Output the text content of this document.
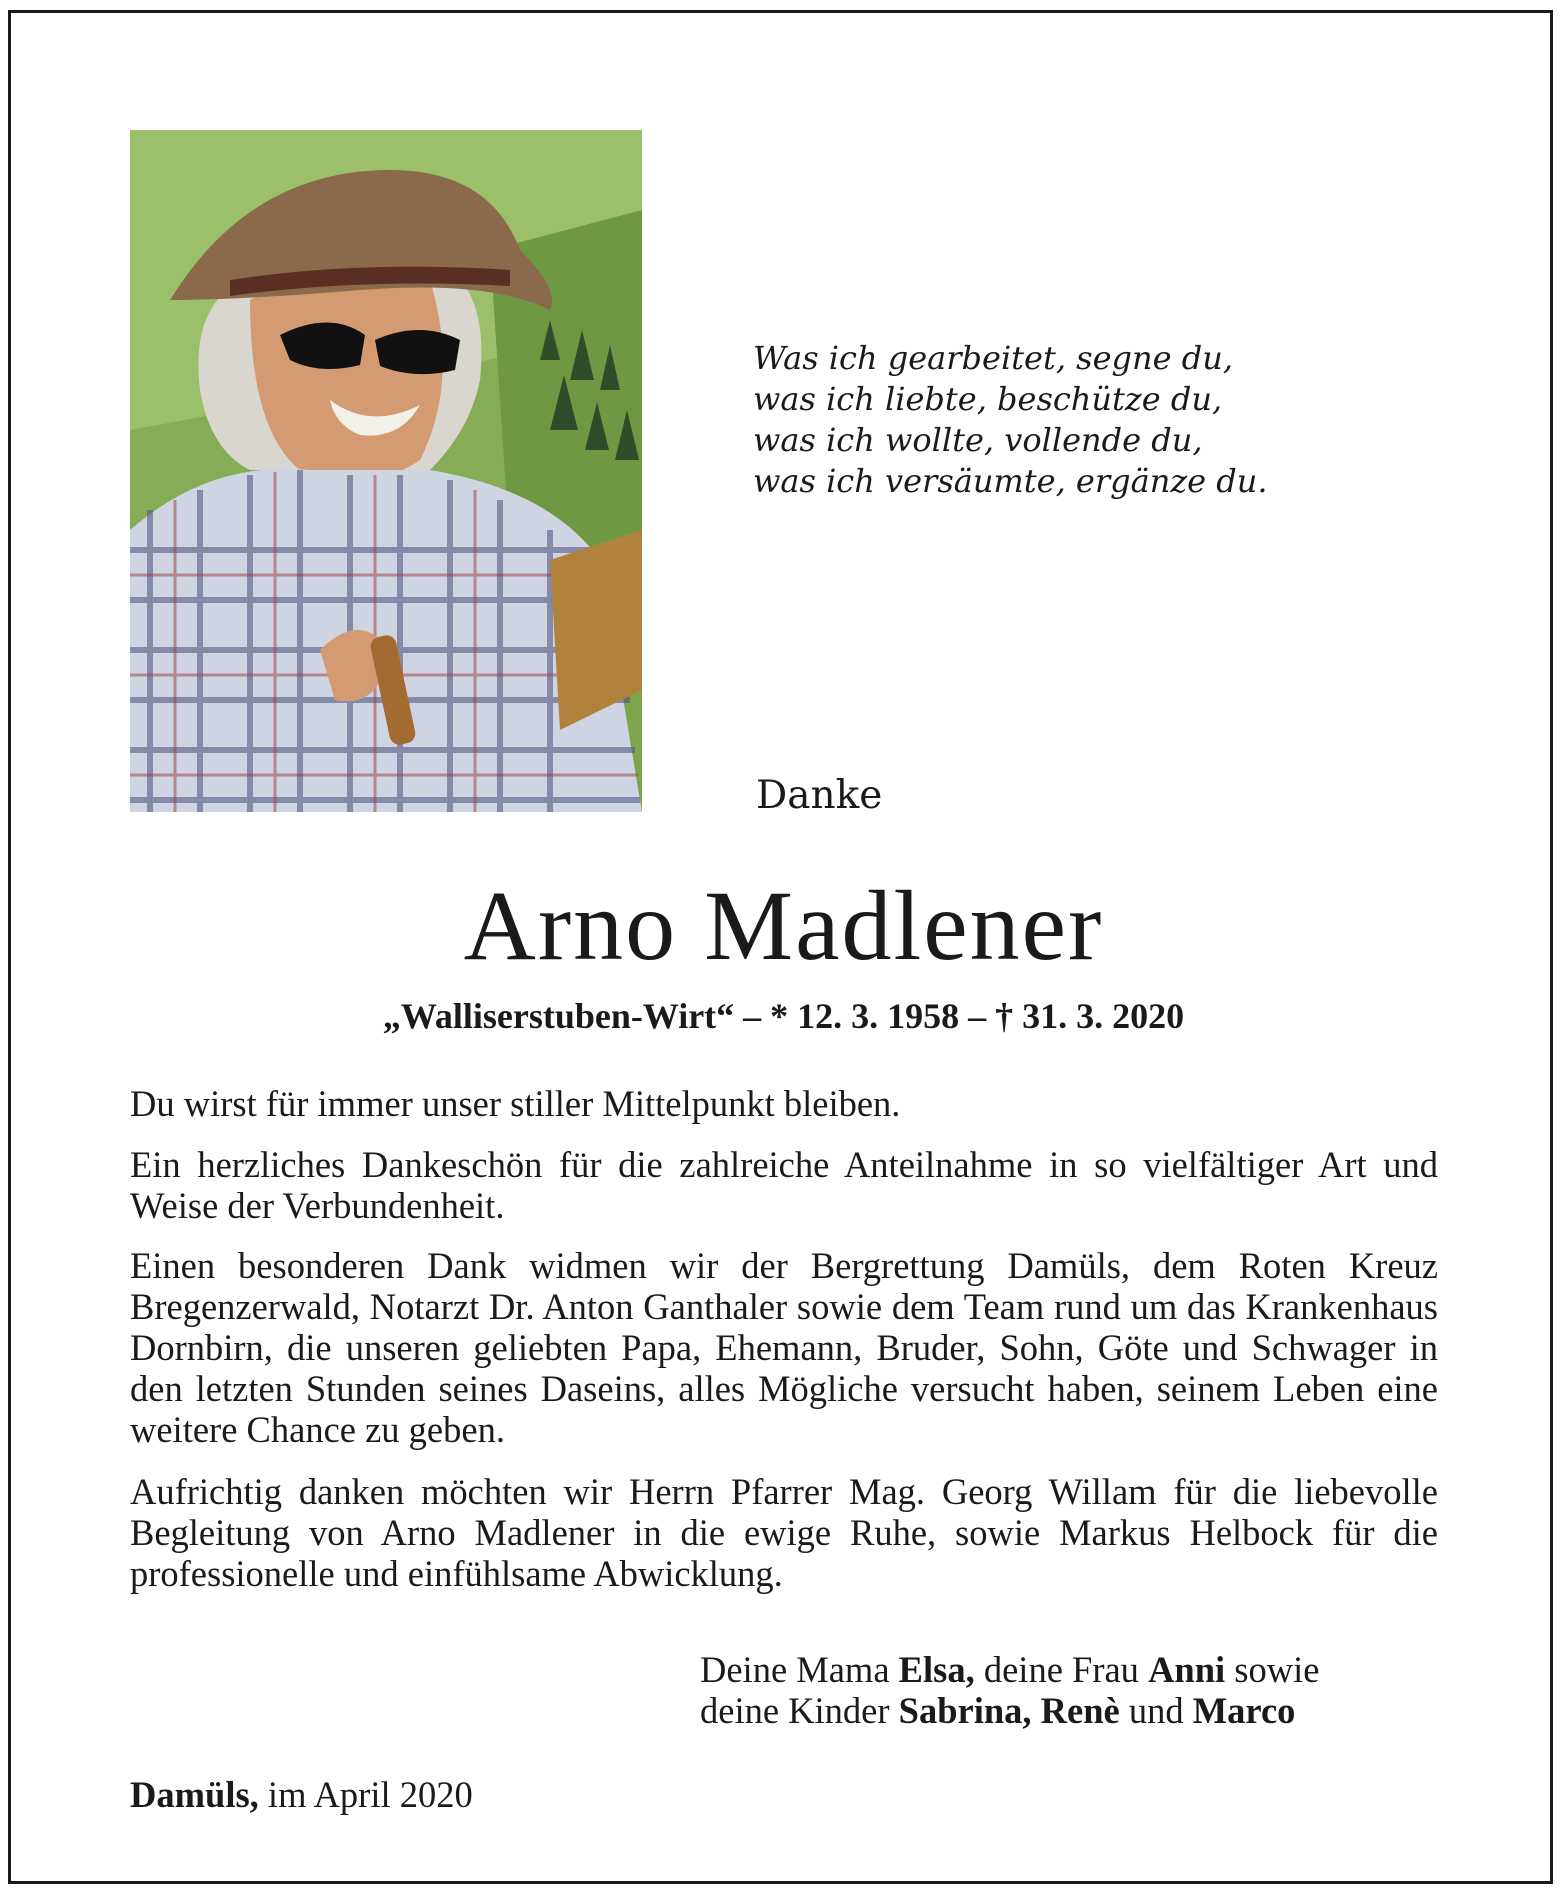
Was ich gearbeitet, segne du,
was ich liebte, beschütze du,
was ich wollte, vollende du,
was ich versäumte, ergänze du.
Danke
Arno Madlener
„Walliserstuben-Wirt“ – * 12. 3. 1958 – † 31. 3. 2020
Du wirst für immer unser stiller Mittelpunkt bleiben.
Ein herzliches Dankeschön für die zahlreiche Anteilnahme in so vielfältiger Art und Weise der Verbundenheit.
Einen besonderen Dank widmen wir der Bergrettung Damüls, dem Roten Kreuz Bregenzerwald, Notarzt Dr. Anton Ganthaler sowie dem Team rund um das Krankenhaus Dornbirn, die unseren geliebten Papa, Ehemann, Bruder, Sohn, Göte und Schwager in den letzten Stunden seines Daseins, alles Mögliche versucht haben, seinem Leben eine weitere Chance zu geben.
Aufrichtig danken möchten wir Herrn Pfarrer Mag. Georg Willam für die liebevolle Begleitung von Arno Madlener in die ewige Ruhe, sowie Markus Helbock für die professionelle und einfühlsame Abwicklung.
Deine Mama Elsa, deine Frau Anni sowie
deine Kinder Sabrina, Renè und Marco
Damüls, im April 2020
